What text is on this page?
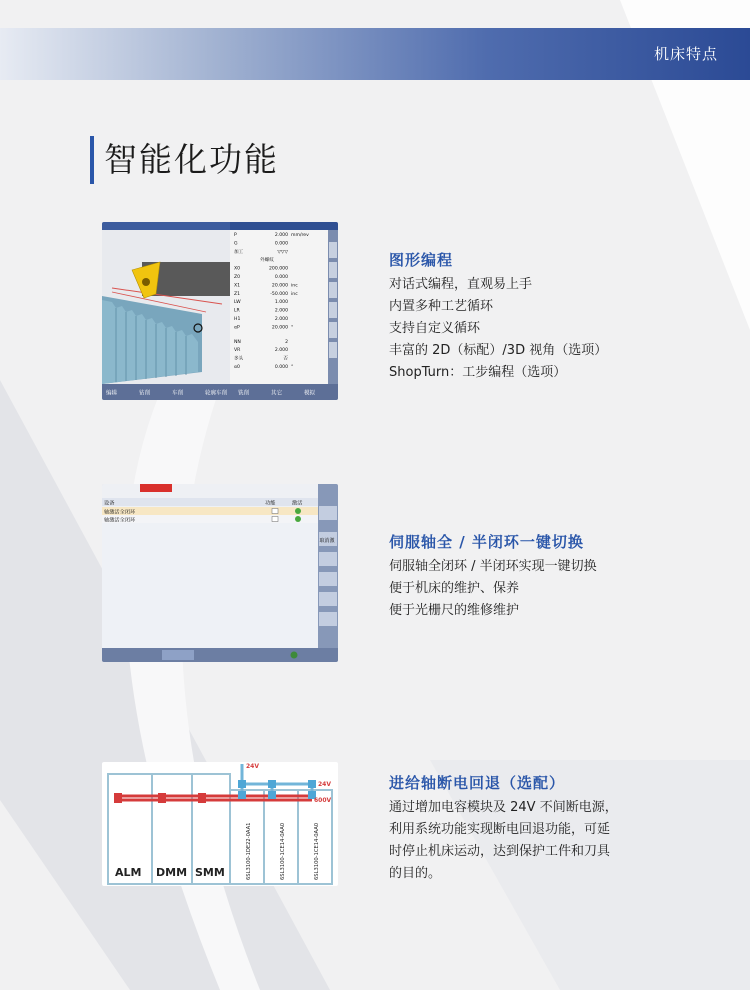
机床特点
智能化功能
P	2.000 mm/rev
G	0.000
加工	▽▽▽
外螺纹
X0	200.000
Z0	0.000
X1	20.000 inc
Z1	-50.000 inc
LW	1.000
LR	2.000
H1	2.000
αP	20.000 °
NN	2
VR	2.000
多头	否
α0	0.000 °
编辑	钻削	车削	轮廓车削 铣削	其它	模拟
设备	功能	激活
轴激活全闭环
轴激活全闭环
取消激
24V
24V
600V
ALM DMM SMM	6SL3100-1DE22-0AA1	6SL3100-1CE14-0AA0	6SL3100-1CE14-0AA0
图形编程
对话式编程，直观易上手
内置多种工艺循环
支持自定义循环
丰富的 2D（标配）/3D 视角（选项）
ShopTurn：工步编程（选项）
伺服轴全 / 半闭环一键切换
伺服轴全闭环 / 半闭环实现一键切换
便于机床的维护、保养
便于光栅尺的维修维护
进给轴断电回退（选配）
通过增加电容模块及 24V 不间断电源，
利用系统功能实现断电回退功能，可延
时停止机床运动，达到保护工件和刀具
的目的。
